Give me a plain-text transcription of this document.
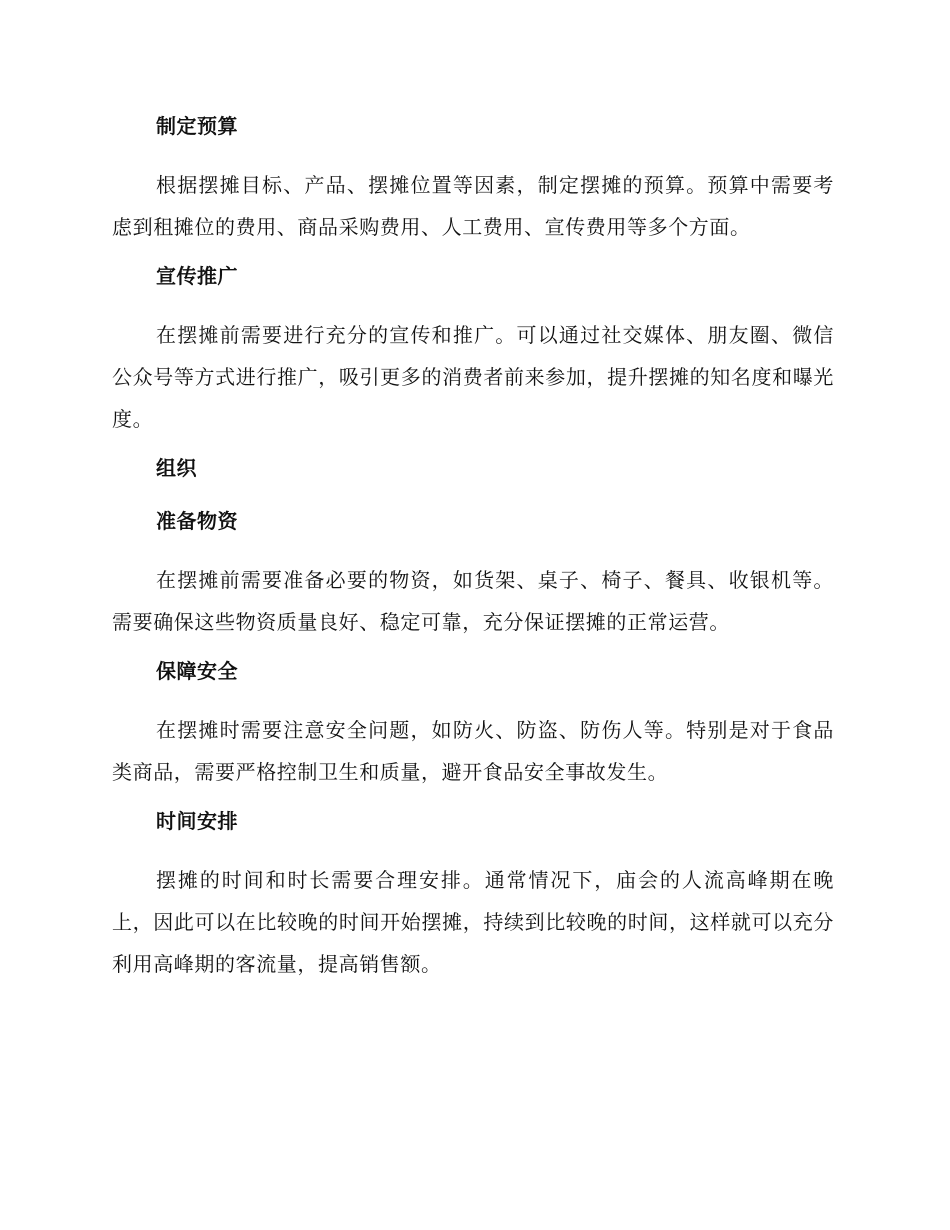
制定预算

根据摆摊目标、产品、摆摊位置等因素，制定摆摊的预算。预算中需要考虑到租摊位的费用、商品采购费用、人工费用、宣传费用等多个方面。

宣传推广

在摆摊前需要进行充分的宣传和推广。可以通过社交媒体、朋友圈、微信公众号等方式进行推广，吸引更多的消费者前来参加，提升摆摊的知名度和曝光度。

组织
准备物资

在摆摊前需要准备必要的物资，如货架、桌子、椅子、餐具、收银机等。需要确保这些物资质量良好、稳定可靠，充分保证摆摊的正常运营。

保障安全

在摆摊时需要注意安全问题，如防火、防盗、防伤人等。特别是对于食品类商品，需要严格控制卫生和质量，避开食品安全事故发生。

时间安排

摆摊的时间和时长需要合理安排。通常情况下，庙会的人流高峰期在晚上，因此可以在比较晚的时间开始摆摊，持续到比较晚的时间，这样就可以充分利用高峰期的客流量，提高销售额。
